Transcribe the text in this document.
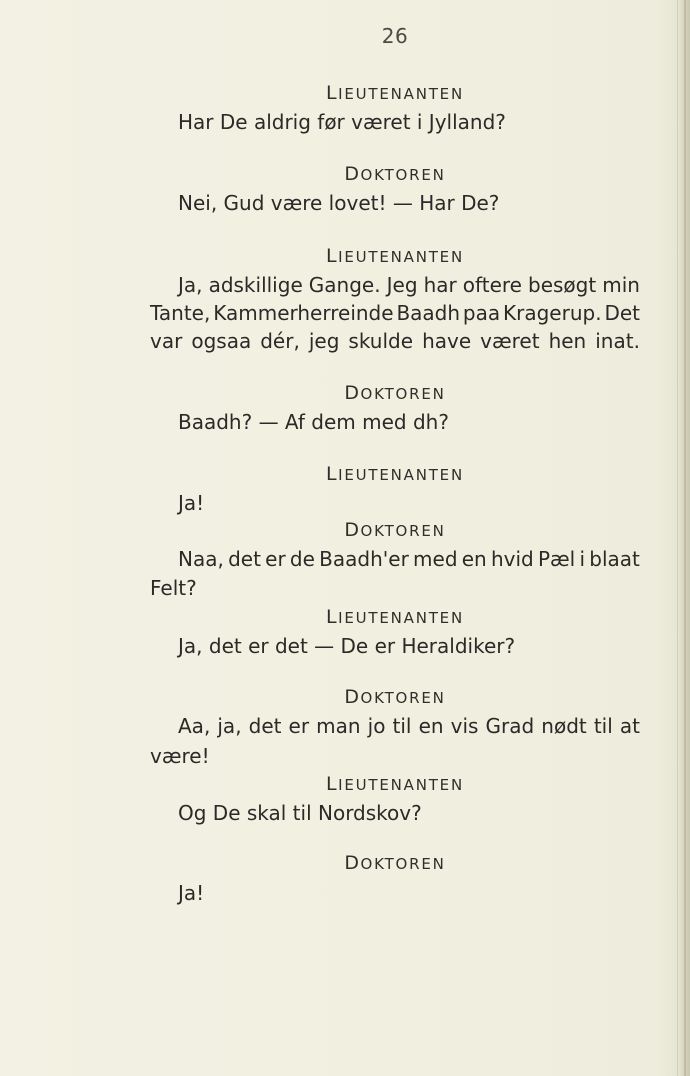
26
LIEUTENANTEN
Har De aldrig før været i Jylland?
DOKTOREN
Nei, Gud være lovet! — Har De?
LIEUTENANTEN
Ja, adskillige Gange. Jeg har oftere besøgt min
Tante, Kammerherreinde Baadh paa Kragerup. Det
var ogsaa dér, jeg skulde have været hen inat.
DOKTOREN
Baadh? — Af dem med dh?
LIEUTENANTEN
Ja!
DOKTOREN
Naa, det er de Baadh'er med en hvid Pæl i blaat
Felt?
LIEUTENANTEN
Ja, det er det — De er Heraldiker?
DOKTOREN
Aa, ja, det er man jo til en vis Grad nødt til at
være!
LIEUTENANTEN
Og De skal til Nordskov?
DOKTOREN
Ja!
